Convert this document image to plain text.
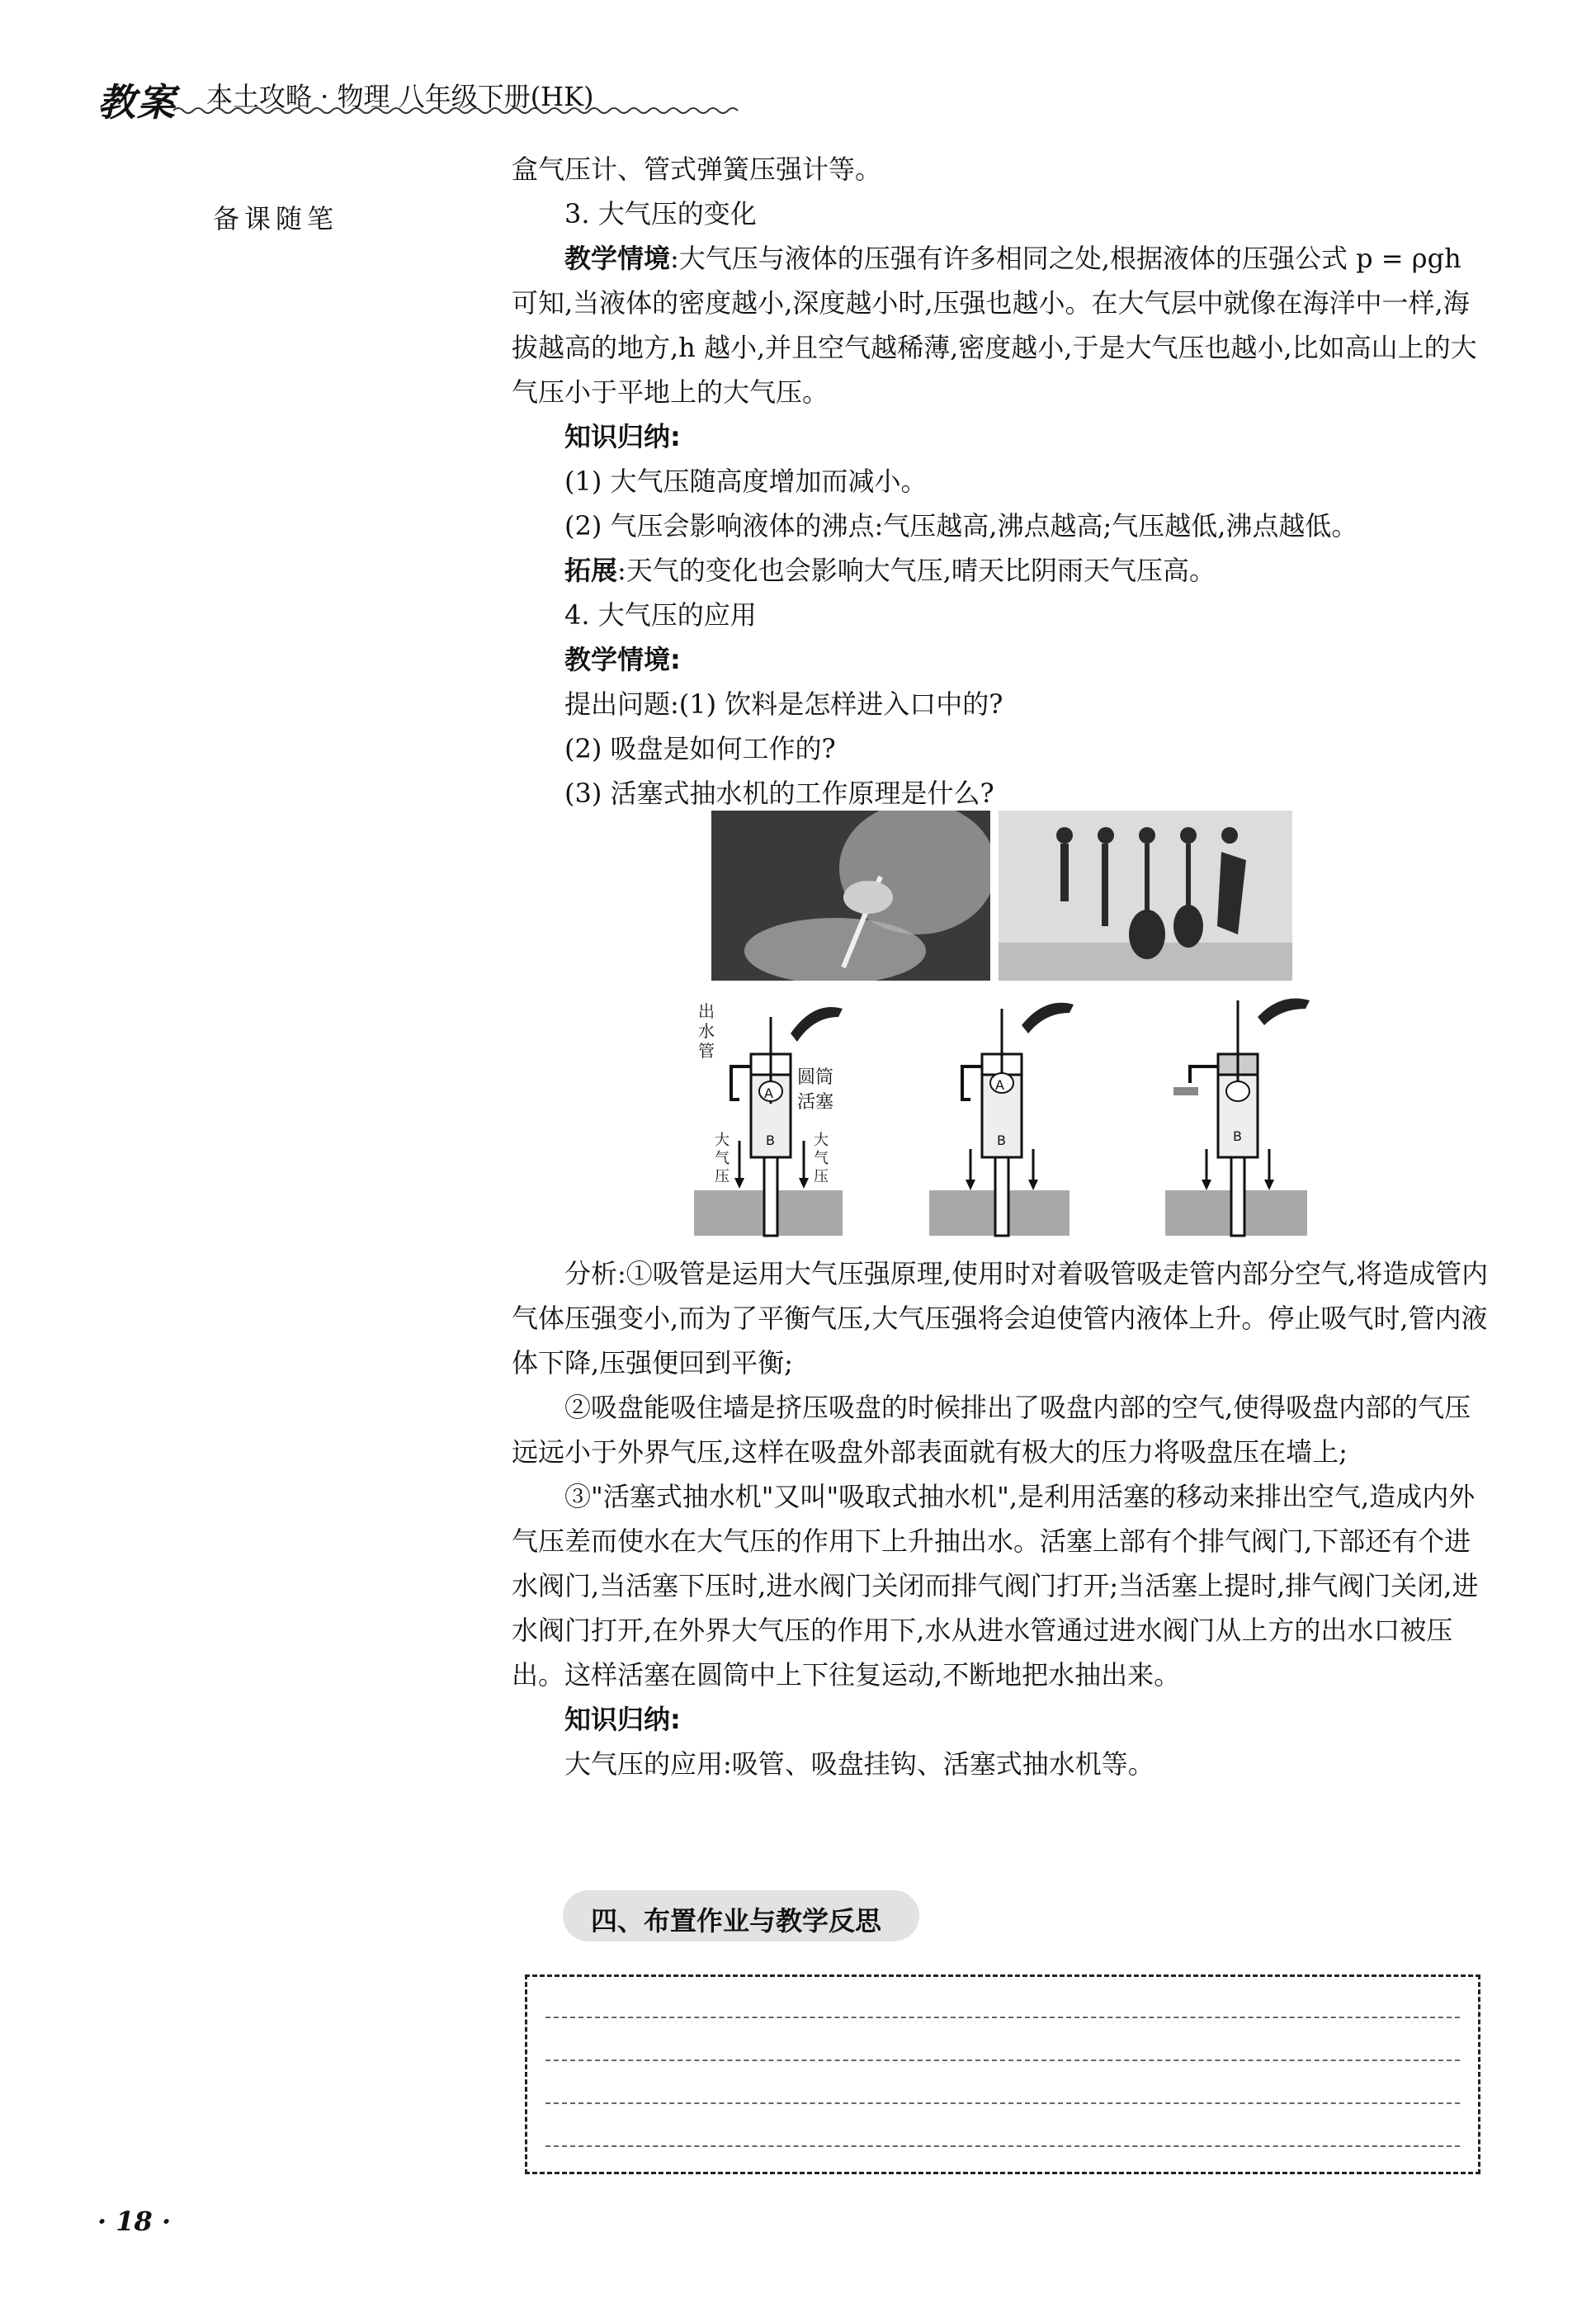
教案 本土攻略 · 物理 八年级下册(HK)
备课随笔

盒气压计、管式弹簧压强计等。

3. 大气压的变化

教学情境:大气压与液体的压强有许多相同之处,根据液体的压强公式 p = ρgh 可知,当液体的密度越小,深度越小时,压强也越小。在大气层中就像在海洋中一样,海拔越高的地方,h 越小,并且空气越稀薄,密度越小,于是大气压也越小,比如高山上的大气压小于平地上的大气压。

知识归纳:

(1) 大气压随高度增加而减小。

(2) 气压会影响液体的沸点:气压越高,沸点越高;气压越低,沸点越低。

拓展:天气的变化也会影响大气压,晴天比阴雨天气压高。

4. 大气压的应用

教学情境:

提出问题:(1) 饮料是怎样进入口中的?

(2) 吸盘是如何工作的?

(3) 活塞式抽水机的工作原理是什么?

A
B
圆筒
活塞
出
水
管
大
气
压
大
气
压
A
B	B

分析:①吸管是运用大气压强原理,使用时对着吸管吸走管内部分空气,将造成管内气体压强变小,而为了平衡气压,大气压强将会迫使管内液体上升。停止吸气时,管内液体下降,压强便回到平衡;

②吸盘能吸住墙是挤压吸盘的时候排出了吸盘内部的空气,使得吸盘内部的气压远远小于外界气压,这样在吸盘外部表面就有极大的压力将吸盘压在墙上;

③"活塞式抽水机"又叫"吸取式抽水机",是利用活塞的移动来排出空气,造成内外气压差而使水在大气压的作用下上升抽出水。活塞上部有个排气阀门,下部还有个进水阀门,当活塞下压时,进水阀门关闭而排气阀门打开;当活塞上提时,排气阀门关闭,进水阀门打开,在外界大气压的作用下,水从进水管通过进水阀门从上方的出水口被压出。这样活塞在圆筒中上下往复运动,不断地把水抽出来。

知识归纳:

大气压的应用:吸管、吸盘挂钩、活塞式抽水机等。

四、布置作业与教学反思
· 18 ·
